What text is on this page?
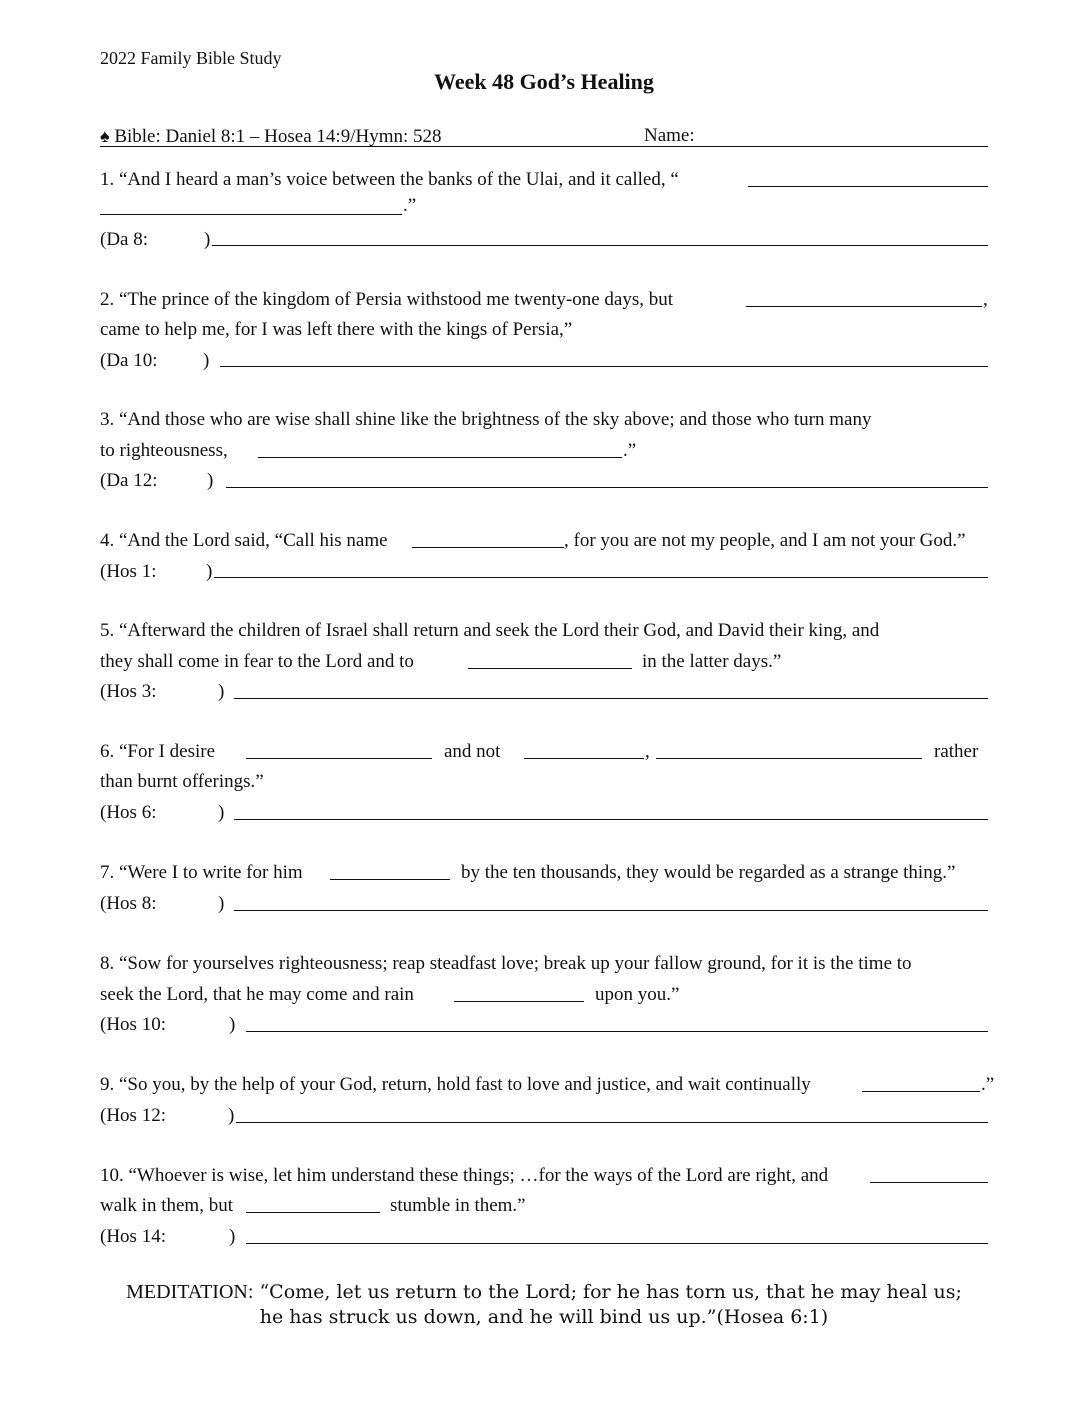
2022 Family Bible Study
Week 48 God’s Healing
♠ Bible: Daniel 8:1 – Hosea 14:9/Hymn: 528	Name:
1. “And I heard a man’s voice between the banks of the Ulai, and it called, “
.”
(Da 8:	)
2. “The prince of the kingdom of Persia withstood me twenty-one days, but	,
came to help me, for I was left there with the kings of Persia,”
(Da 10: )
3. “And those who are wise shall shine like the brightness of the sky above; and those who turn many
to righteousness,	.”
(Da 12:	)
4. “And the Lord said, “Call his name	, for you are not my people, and I am not your God.”
(Hos 1:	)
5. “Afterward the children of Israel shall return and seek the Lord their God, and David their king, and
they shall come in fear to the Lord and to	in the latter days.”
(Hos 3:	)
6. “For I desire	and not	,	rather
than burnt offerings.”
(Hos 6:	)
7. “Were I to write for him	by the ten thousands, they would be regarded as a strange thing.”
(Hos 8:	)
8. “Sow for yourselves righteousness; reap steadfast love; break up your fallow ground, for it is the time to
seek the Lord, that he may come and rain	upon you.”
(Hos 10:	)
9. “So you, by the help of your God, return, hold fast to love and justice, and wait continually	.”
(Hos 12:	)
10. “Whoever is wise, let him understand these things; …for the ways of the Lord are right, and
walk in them, but	stumble in them.”
(Hos 14:	)
MEDITATION: “Come, let us return to the Lord; for he has torn us, that he may heal us;
he has struck us down, and he will bind us up.”(Hosea 6:1)
